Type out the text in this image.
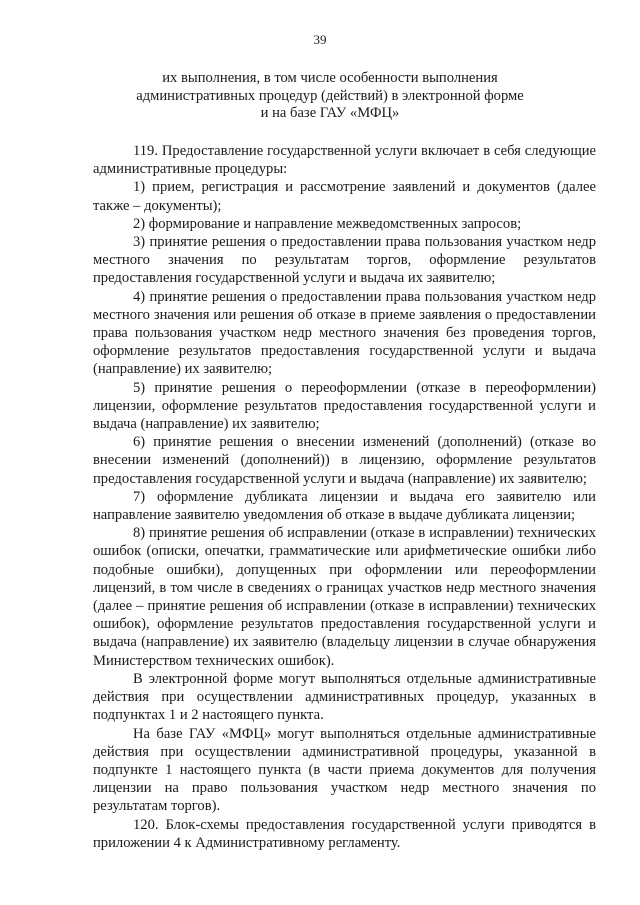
39
их выполнения, в том числе особенности выполнения
административных процедур (действий) в электронной форме
и на базе ГАУ «МФЦ»

119. Предоставление государственной услуги включает в себя следующие административные процедуры:

1) прием, регистрация и рассмотрение заявлений и документов (далее также – документы);

2) формирование и направление межведомственных запросов;

3) принятие решения о предоставлении права пользования участком недр местного значения по результатам торгов, оформление результатов предоставления государственной услуги и выдача их заявителю;

4) принятие решения о предоставлении права пользования участком недр местного значения или решения об отказе в приеме заявления о предоставлении права пользования участком недр местного значения без проведения торгов, оформление результатов предоставления государственной услуги и выдача (направление) их заявителю;

5) принятие решения о переоформлении (отказе в переоформлении) лицензии, оформление результатов предоставления государственной услуги и выдача (направление) их заявителю;

6) принятие решения о внесении изменений (дополнений) (отказе во внесении изменений (дополнений)) в лицензию, оформление результатов предоставления государственной услуги и выдача (направление) их заявителю;

7) оформление дубликата лицензии и выдача его заявителю или направление заявителю уведомления об отказе в выдаче дубликата лицензии;

8) принятие решения об исправлении (отказе в исправлении) технических ошибок (описки, опечатки, грамматические или арифметические ошибки либо подобные ошибки), допущенных при оформлении или переоформлении лицензий, в том числе в сведениях о границах участков недр местного значения (далее – принятие решения об исправлении (отказе в исправлении) технических ошибок), оформление результатов предоставления государственной услуги и выдача (направление) их заявителю (владельцу лицензии в случае обнаружения Министерством технических ошибок).

В электронной форме могут выполняться отдельные административные действия при осуществлении административных процедур, указанных в подпунктах 1 и 2 настоящего пункта.

На базе ГАУ «МФЦ» могут выполняться отдельные административные действия при осуществлении административной процедуры, указанной в подпункте 1 настоящего пункта (в части приема документов для получения лицензии на право пользования участком недр местного значения по результатам торгов).

120. Блок-схемы предоставления государственной услуги приводятся в приложении 4 к Административному регламенту.
